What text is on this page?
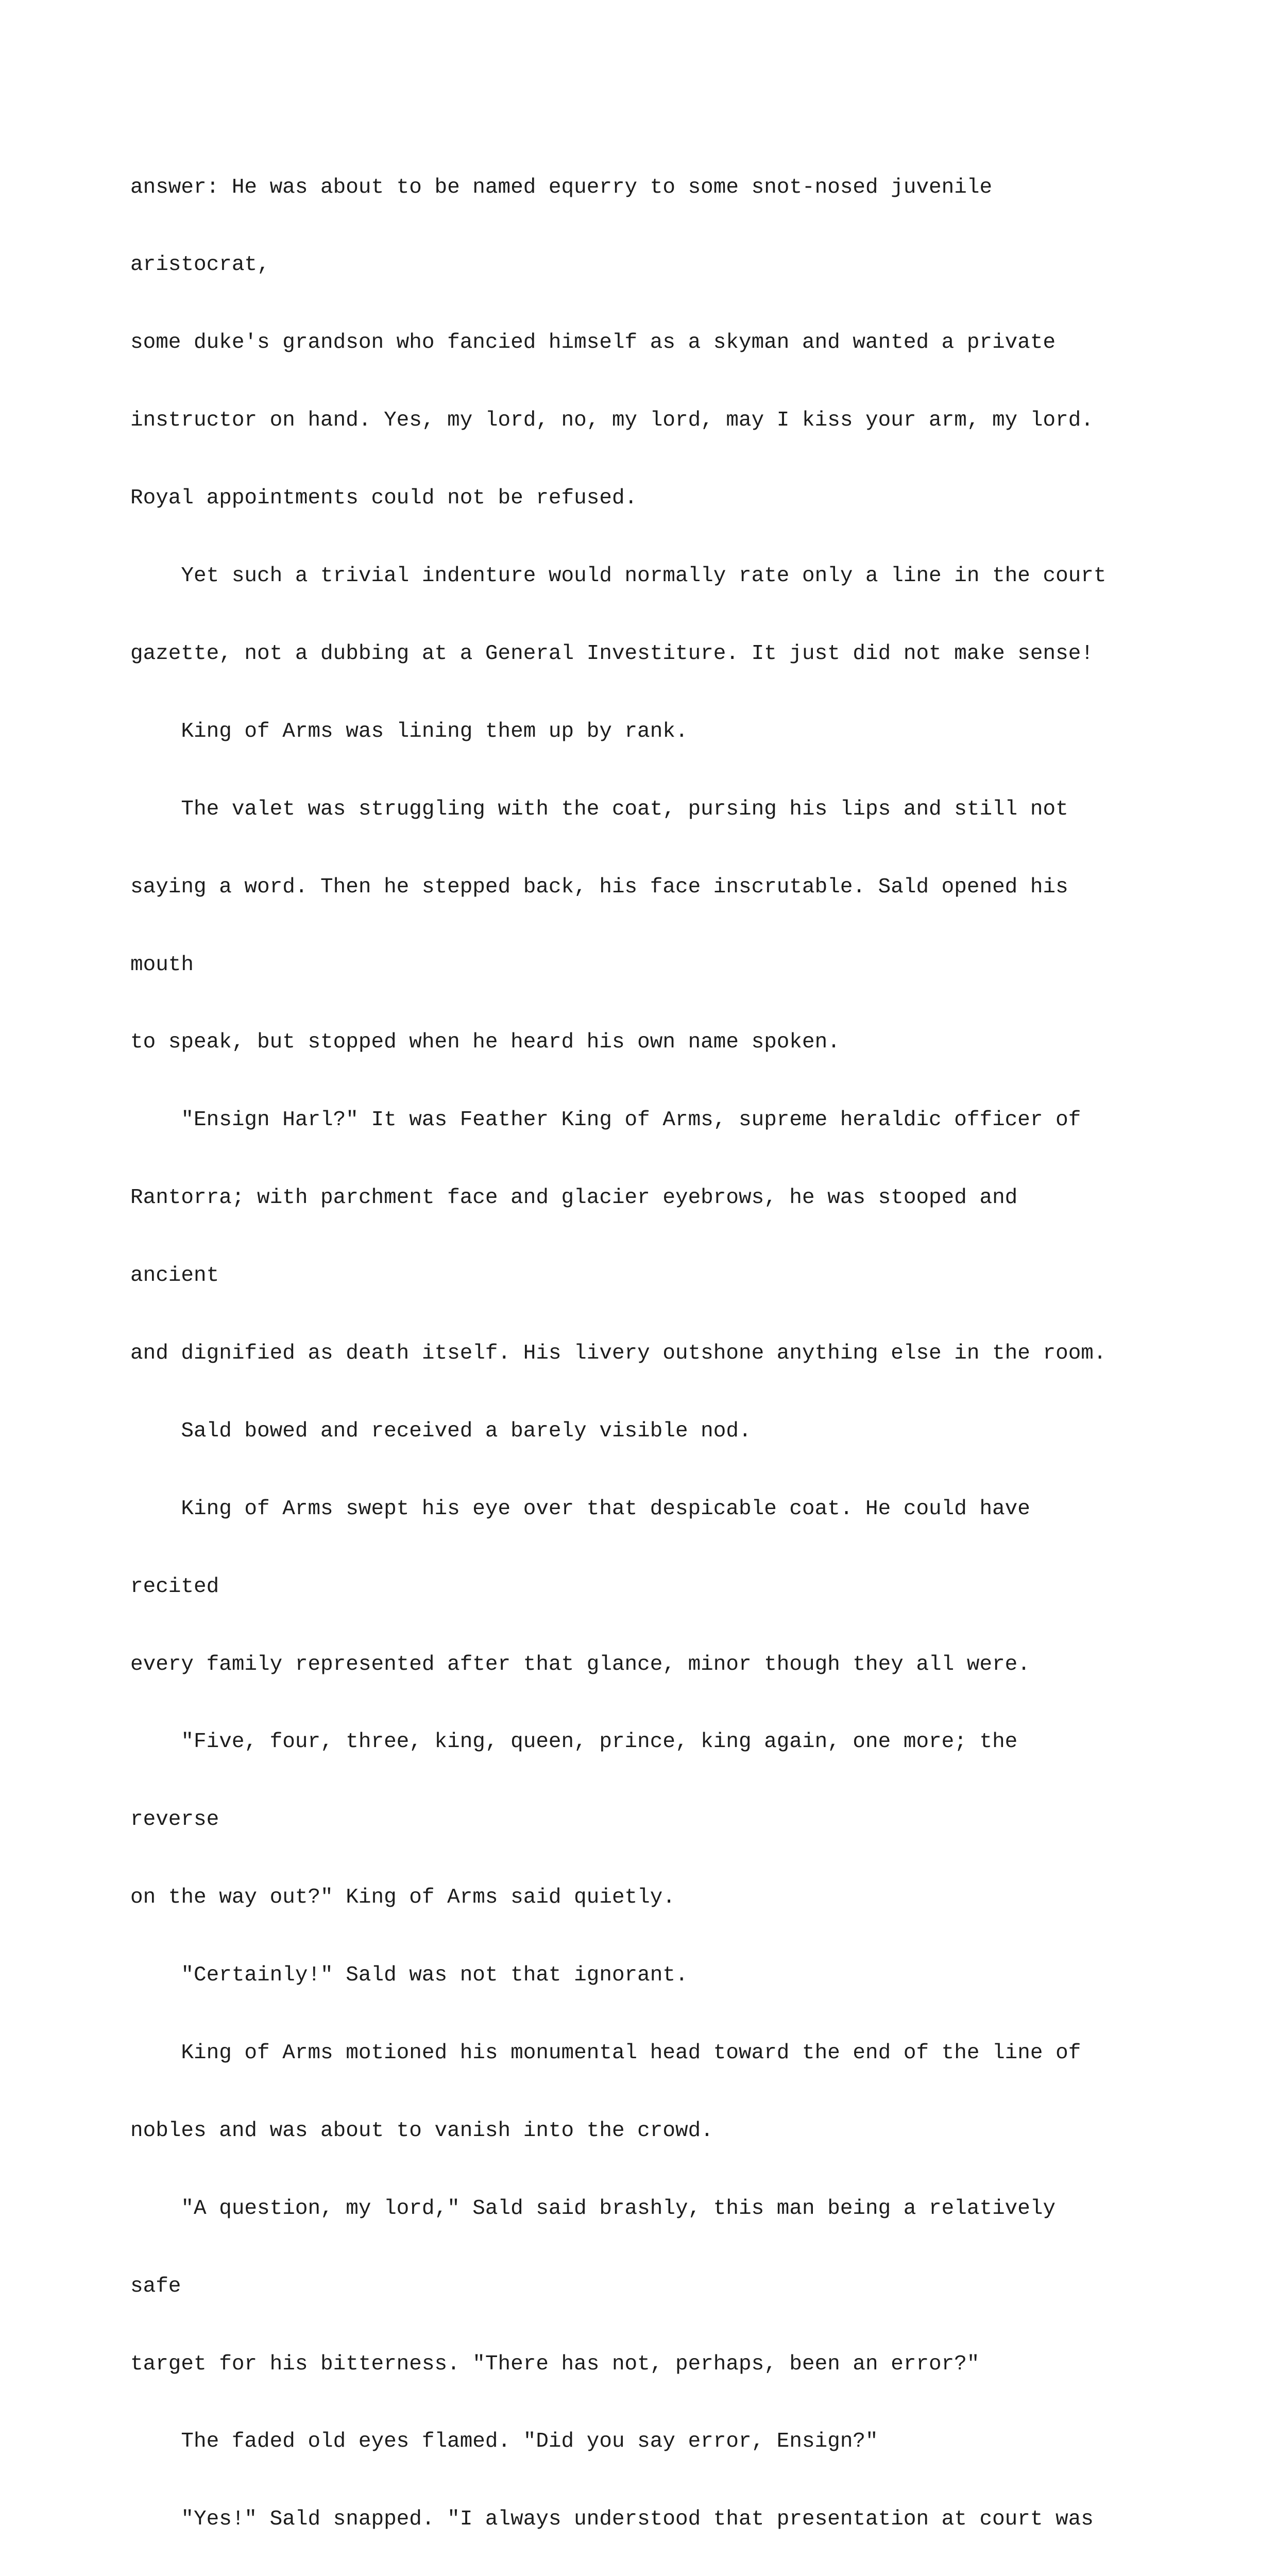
answer: He was about to be named equerry to some snot-nosed juvenile

aristocrat,

some duke's grandson who fancied himself as a skyman and wanted a private

instructor on hand. Yes, my lord, no, my lord, may I kiss your arm, my lord.

Royal appointments could not be refused.

Yet such a trivial indenture would normally rate only a line in the court

gazette, not a dubbing at a General Investiture. It just did not make sense!

King of Arms was lining them up by rank.

The valet was struggling with the coat, pursing his lips and still not

saying a word. Then he stepped back, his face inscrutable. Sald opened his

mouth

to speak, but stopped when he heard his own name spoken.

"Ensign Harl?" It was Feather King of Arms, supreme heraldic officer of

Rantorra; with parchment face and glacier eyebrows, he was stooped and

ancient

and dignified as death itself. His livery outshone anything else in the room.

Sald bowed and received a barely visible nod.

King of Arms swept his eye over that despicable coat. He could have

recited

every family represented after that glance, minor though they all were.

"Five, four, three, king, queen, prince, king again, one more; the

reverse

on the way out?" King of Arms said quietly.

"Certainly!" Sald was not that ignorant.

King of Arms motioned his monumental head toward the end of the line of

nobles and was about to vanish into the crowd.

"A question, my lord," Sald said brashly, this man being a relatively

safe

target for his bitterness. "There has not, perhaps, been an error?"

The faded old eyes flamed. "Did you say error, Ensign?"

"Yes!" Sald snapped. "I always understood that presentation at court was
